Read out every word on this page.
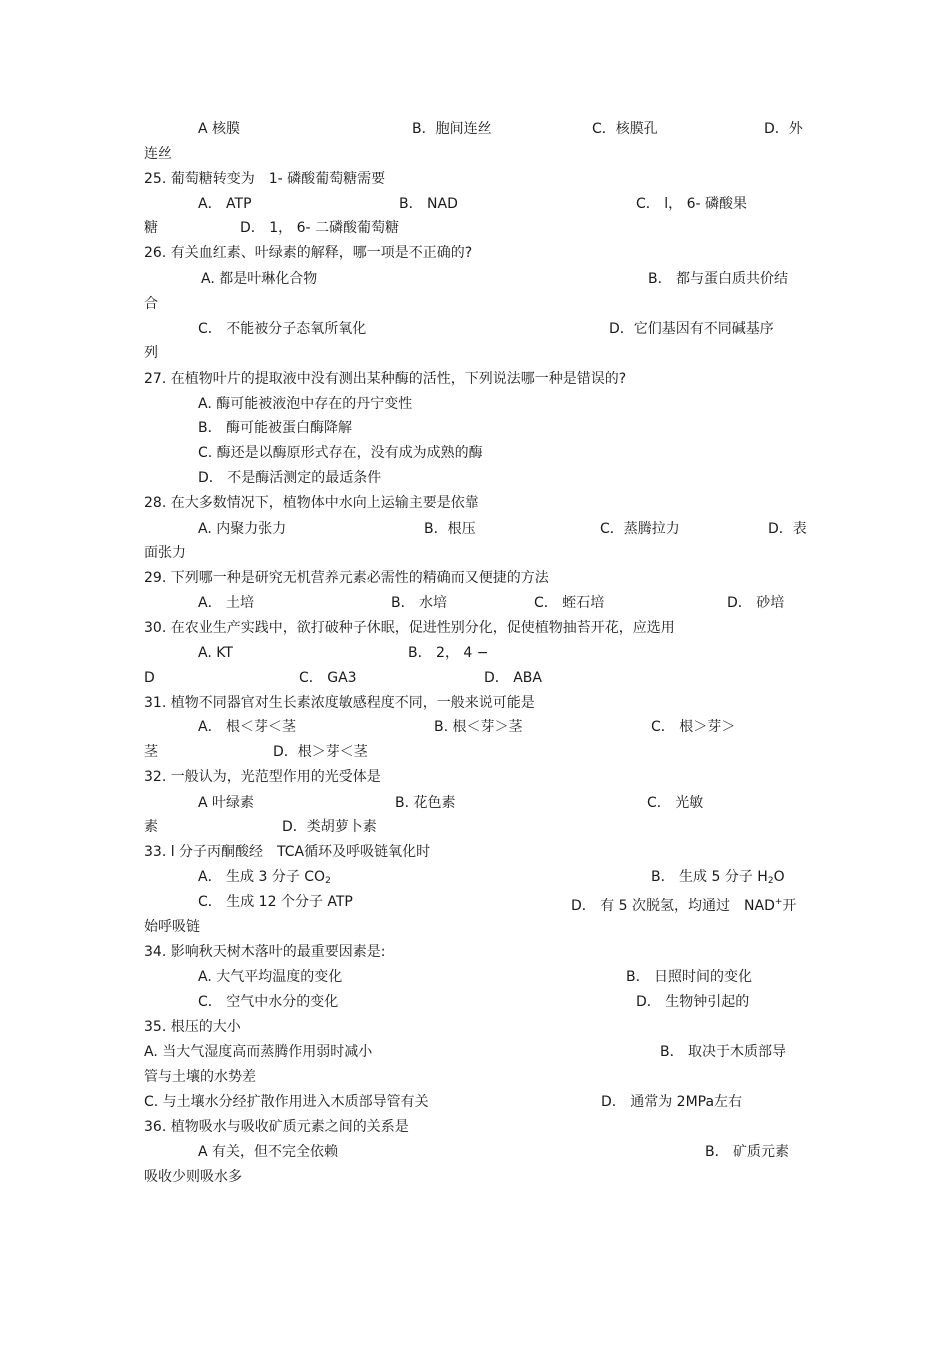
A 核膜	B．胞间连丝	C．核膜孔	D．外
连丝
25. 葡萄糖转变为　1- 磷酸葡萄糖需要
A． ATP	B． NAD	C． l， 6- 磷酸果
糖	D． 1， 6- 二磷酸葡萄糖
26. 有关血红素、叶绿素的解释，哪一项是不正确的?
A. 都是叶琳化合物	B． 都与蛋白质共价结
合
C． 不能被分子态氧所氧化	D．它们基因有不同碱基序
列
27. 在植物叶片的提取液中没有测出某种酶的活性，下列说法哪一种是错误的?
A. 酶可能被液泡中存在的丹宁变性
B． 酶可能被蛋白酶降解
C. 酶还是以酶原形式存在，没有成为成熟的酶
D． 不是酶活测定的最适条件
28. 在大多数情况下，植物体中水向上运输主要是依靠
A. 内聚力张力	B．根压	C．蒸腾拉力	D．表
面张力
29. 下列哪一种是研究无机营养元素必需性的精确而又便捷的方法
A． 土培	B． 水培	C． 蛭石培	D． 砂培
30. 在农业生产实践中，欲打破种子休眠，促进性别分化，促使植物抽苔开花，应选用
A. KT	B． 2， 4 −
D	C． GA3	D． ABA
31. 植物不同器官对生长素浓度敏感程度不同，一般来说可能是
A． 根＜芽＜茎	B. 根＜芽＞茎	C． 根＞芽＞
茎	D．根＞芽＜茎
32. 一般认为，光范型作用的光受体是
A 叶绿素	B. 花色素	C． 光敏
素	D．类胡萝卜素
33. l 分子丙酮酸经　TCA循环及呼吸链氧化时
A． 生成 3 分子 $CO_2$	B． 生成 5 分子 $H_2O$
C． 生成 12 个分子 ATP	D． 有 5 次脱氢，均通过　NAD+开
始呼吸链
34. 影响秋天树木落叶的最重要因素是:
A. 大气平均温度的变化	B． 日照时间的变化
C． 空气中水分的变化	D． 生物钟引起的
35. 根压的大小
A. 当大气湿度高而蒸腾作用弱时减小	B． 取决于木质部导
管与土壤的水势差
C. 与土壤水分经扩散作用进入木质部导管有关	D． 通常为 2MPa左右
36. 植物吸水与吸收矿质元素之间的关系是
A 有关，但不完全依赖	B． 矿质元素
吸收少则吸水多
